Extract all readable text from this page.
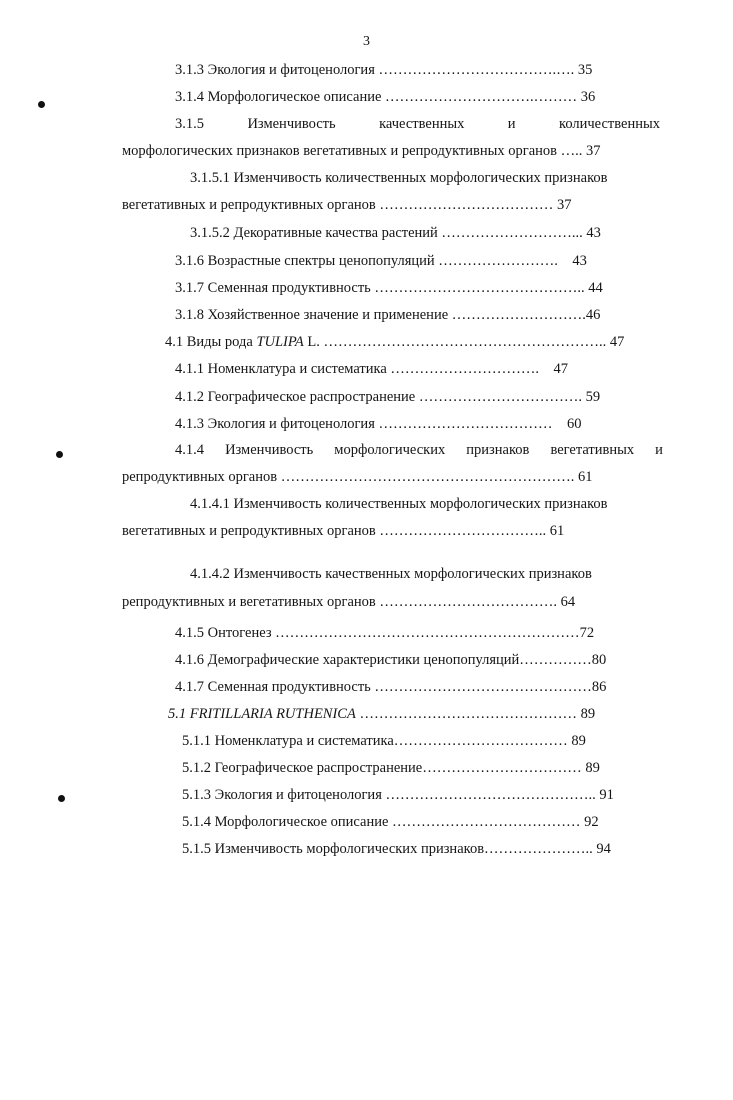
3
3.1.3 Экология и фитоценология ……………………………….…. 35
3.1.4 Морфологическое описание ………………………….……… 36
3.1.5	Изменчивость	качественных	и	количественных
морфологических признаков вегетативных и репродуктивных органов ….. 37
3.1.5.1 Изменчивость количественных морфологических признаков
вегетативных и репродуктивных органов ……………………………… 37
3.1.5.2 Декоративные качества растений ………………………... 43
3.1.6 Возрастные спектры ценопопуляций …………………….    43
3.1.7 Семенная продуктивность …………………………………….. 44
3.1.8 Хозяйственное значение и применение ……………………….46
4.1 Виды рода TULIPA L. ………………………………………………….. 47
4.1.1 Номенклатура и систематика ………………………….    47
4.1.2 Географическое распространение ……………………………. 59
4.1.3 Экология и фитоценология ………………………………    60
4.1.4 Изменчивость морфологических признаков вегетативных и
репродуктивных органов ……………………………………………………. 61
4.1.4.1 Изменчивость количественных морфологических признаков
вегетативных и репродуктивных органов …………………………….. 61
4.1.4.2 Изменчивость качественных морфологических признаков
репродуктивных и вегетативных органов ………………………………. 64
4.1.5 Онтогенез ………………………………………………………72
4.1.6 Демографические характеристики ценопопуляций……………80
4.1.7 Семенная продуктивность ………………………………………86
5.1 FRITILLARIA RUTHENICA ……………………………………… 89
5.1.1 Номенклатура и систематика……………………………… 89
5.1.2 Географическое распространение…………………………… 89
5.1.3 Экология и фитоценология …………………………………….. 91
5.1.4 Морфологическое описание ………………………………… 92
5.1.5 Изменчивость морфологических признаков………………….. 94
